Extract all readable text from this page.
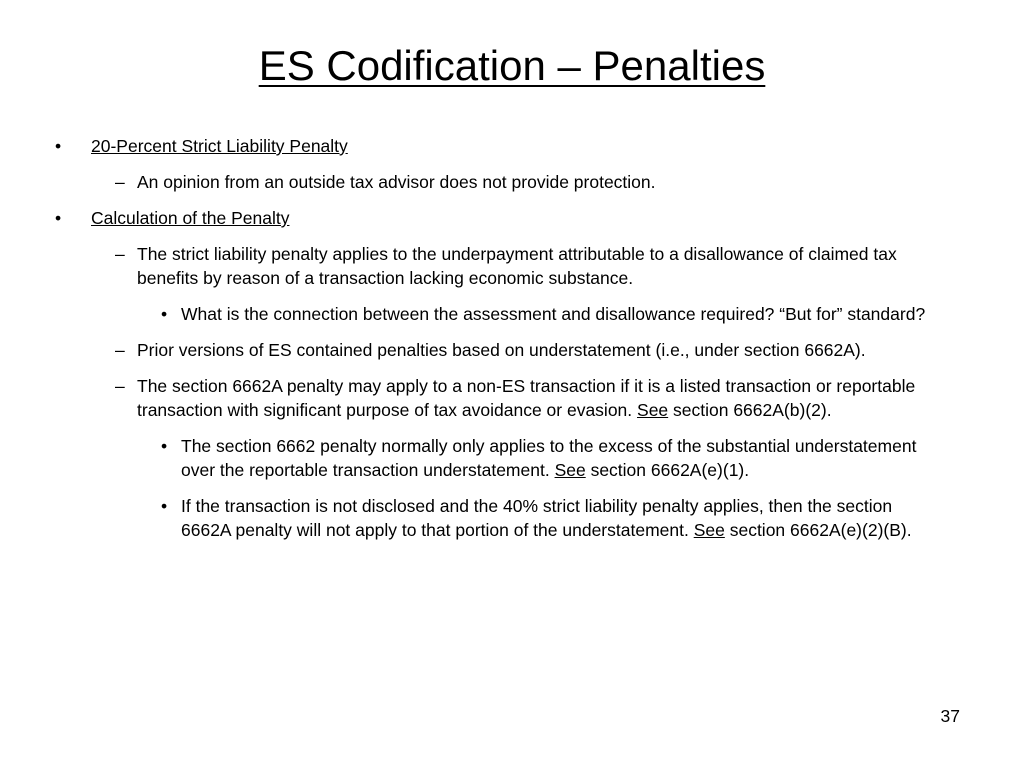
ES Codification – Penalties
• 20-Percent Strict Liability Penalty
– An opinion from an outside tax advisor does not provide protection.
• Calculation of the Penalty
– The strict liability penalty applies to the underpayment attributable to a disallowance of claimed tax benefits by reason of a transaction lacking economic substance.
• What is the connection between the assessment and disallowance required? “But for” standard?
– Prior versions of ES contained penalties based on understatement (i.e., under section 6662A).
– The section 6662A penalty may apply to a non-ES transaction if it is a listed transaction or reportable transaction with significant purpose of tax avoidance or evasion. See section 6662A(b)(2).
• The section 6662 penalty normally only applies to the excess of the substantial understatement over the reportable transaction understatement. See section 6662A(e)(1).
• If the transaction is not disclosed and the 40% strict liability penalty applies, then the section 6662A penalty will not apply to that portion of the understatement. See section 6662A(e)(2)(B).
37
